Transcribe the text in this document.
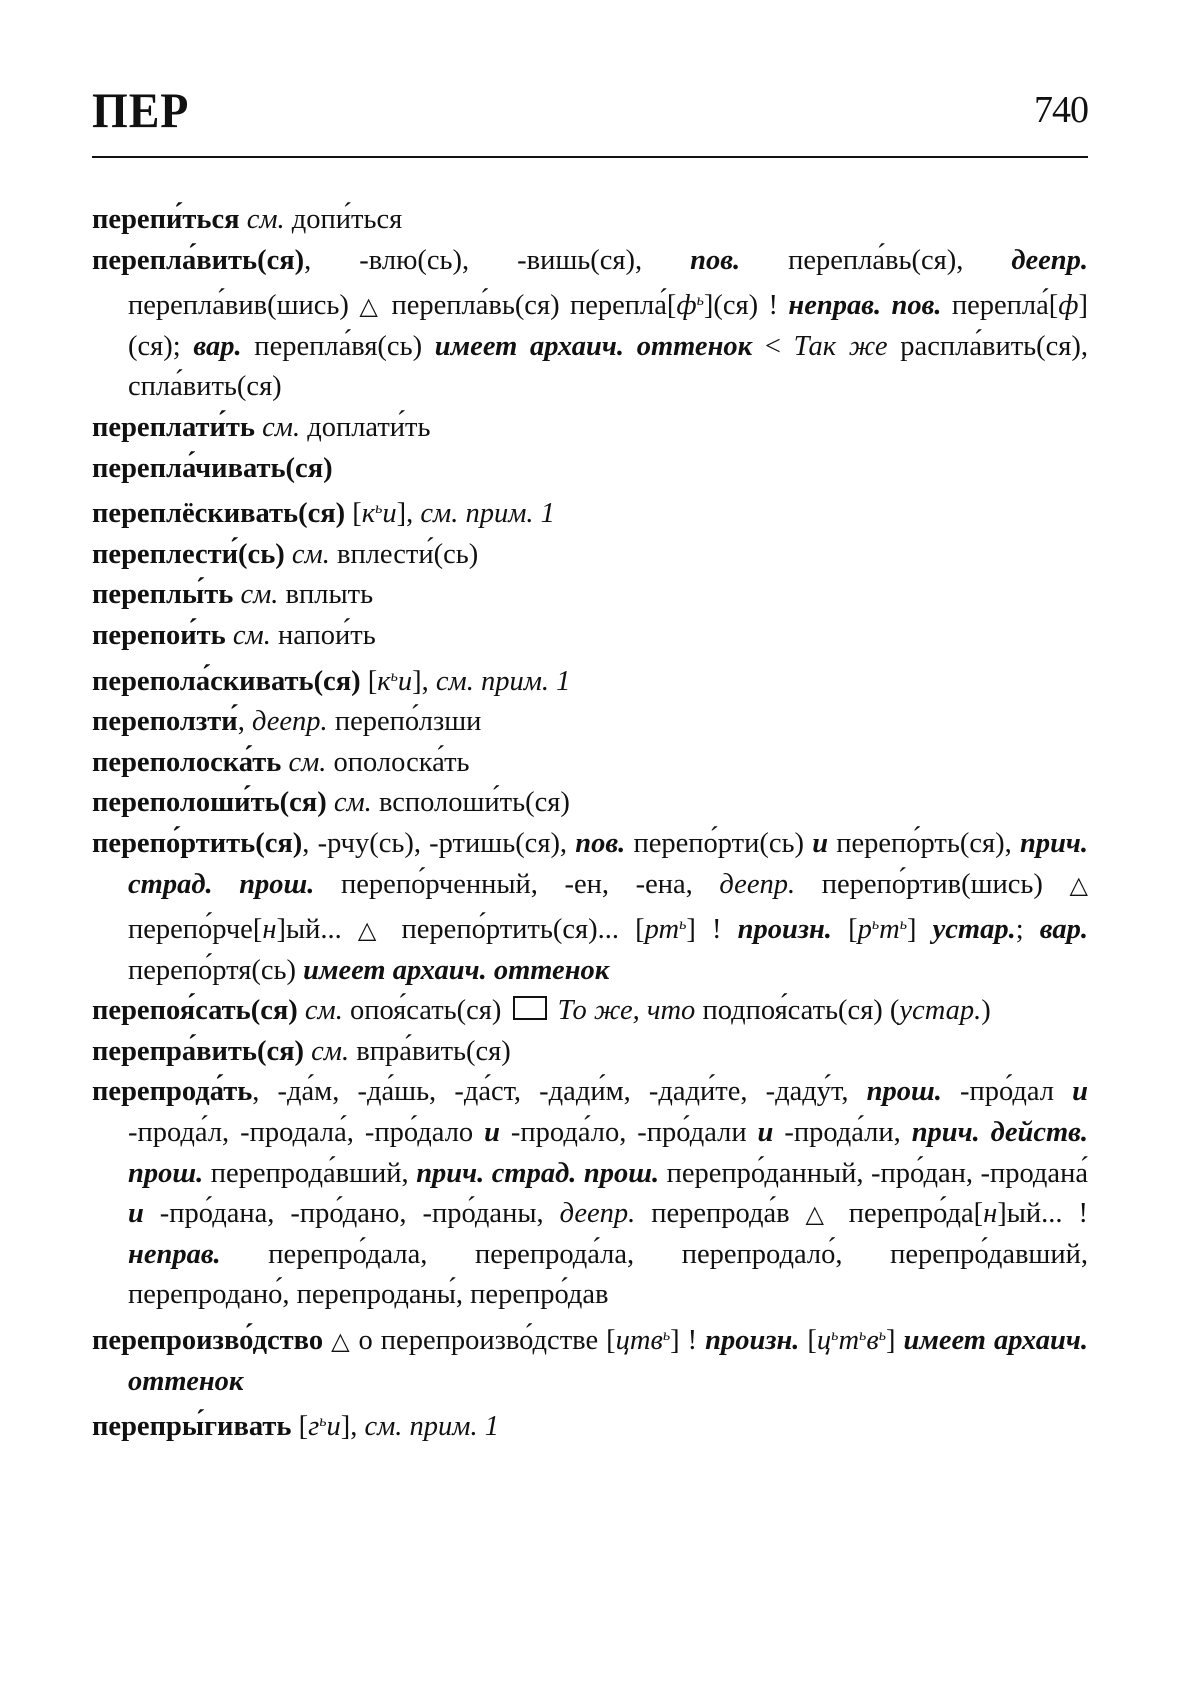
ПЕР	740

перепи́ться см. допи́ться

перепла́вить(ся), -влю(сь), -вишь(ся), пов. перепла́вь(ся), деепр. перепла́вив(шись) △ перепла́вь(ся) $перепла́[ф^ь](ся)$ ! неправ. пов. перепла́[ф](ся); вар. перепла́вя(сь) имеет архаич. оттенок < Так же распла́вить(ся), спла́вить(ся)

переплати́ть см. доплати́ть

перепла́чивать(ся)

переплёскивать(ся) $[к^ьи]$, см. прим. 1

переплести́(сь) см. вплести́(сь)

переплы́ть см. вплыть

перепои́ть см. напои́ть

перепола́скивать(ся) $[к^ьи]$, см. прим. 1

переползти́, деепр. перепо́лзши

переполоска́ть см. ополоска́ть

переполоши́ть(ся) см. всполоши́ть(ся)

перепо́ртить(ся), -рчу(сь), -ртишь(ся), пов. перепо́рти(сь) и перепо́рть(ся), прич. страд. прош. перепо́рченный, -ен, -ена, деепр. перепо́ртив(шись) △ перепо́рче[н]ый... △ перепо́ртить(ся)... $[рт^ь]$ ! произн. $[р^ьт^ь]$ устар.; вар. перепо́ртя(сь) имеет архаич. оттенок

перепоя́сать(ся) см. опоя́сать(ся)  То же, что подпоя́сать(ся) (устар.)

перепра́вить(ся) см. впра́вить(ся)

перепрода́ть, -да́м, -да́шь, -да́ст, -дади́м, -дади́те, -даду́т, прош. -про́дал и -прода́л, -продала́, -про́дало и -прода́ло, -про́дали и -прода́ли, прич. действ. прош. перепрода́вший, прич. страд. прош. перепро́данный, -про́дан, -продана́ и -про́дана, -про́дано, -про́даны, деепр. перепрода́в △ перепро́да[н]ый... ! неправ. перепро́дала, перепрода́ла, перепродало́, перепро́давший, перепродано́, перепроданы́, перепро́дав

перепроизво́дство △ о перепроизво́дстве [цтв$^ь$] ! произн. $[ц^ьт^ьв^ь]$ имеет архаич. оттенок

перепры́гивать $[г^ьи]$, см. прим. 1
